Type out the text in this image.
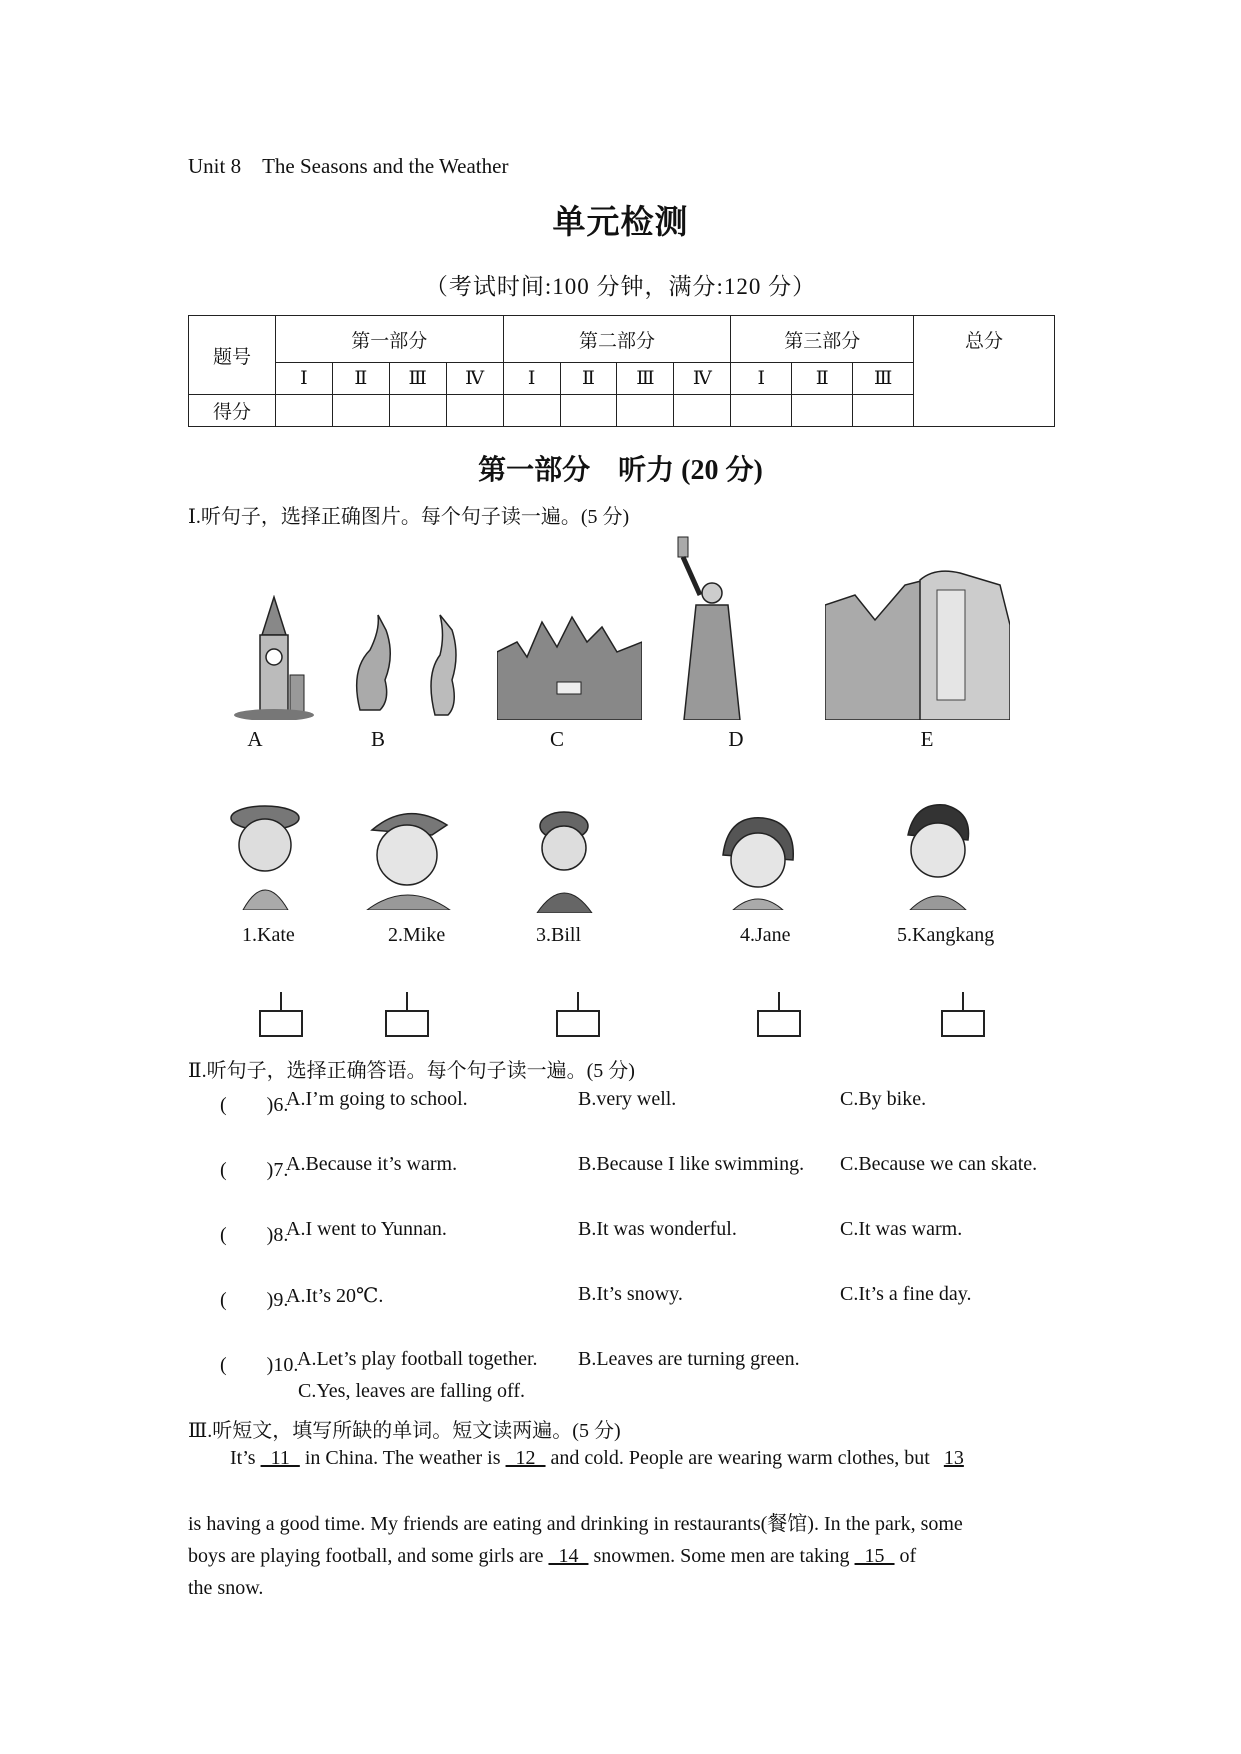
Unit 8 The Seasons and the Weather
单元检测
（考试时间:100 分钟，满分:120 分）
题号	第一部分				第二部分				第三部分			总分
	Ⅰ	Ⅱ	Ⅲ	Ⅳ	Ⅰ	Ⅱ	Ⅲ	Ⅳ	Ⅰ	Ⅱ	Ⅲ	
得分												
第一部分　听力 (20 分)
Ⅰ.听句子，选择正确图片。每个句子读一遍。(5 分)
A	B	C	D	E
1.Kate	2.Mike	3.Bill	4.Jane	5.Kangkang
Ⅱ.听句子，选择正确答语。每个句子读一遍。(5 分)
(　　)6.
A.I’m going to school.	B.very well.	C.By bike.
(　　)7.
A.Because it’s warm.	B.Because I like swimming. C.Because we can skate.
(　　)8.
A.I went to Yunnan.	B.It was wonderful.	C.It was warm.
(　　)9.
A.It’s 20℃.	B.It’s snowy.	C.It’s a fine day.
(　　)10.
A.Let’s play football together. B.Leaves are turning green.
C.Yes, leaves are falling off.
Ⅲ.听短文，填写所缺的单词。短文读两遍。(5 分)
It’s   11   in China. The weather is   12   and cold. People are wearing warm clothes, but 13
is having a good time. My friends are eating and drinking in restaurants(餐馆). In the park, some
boys are playing football, and some girls are   14   snowmen. Some men are taking   15   of
the snow.
